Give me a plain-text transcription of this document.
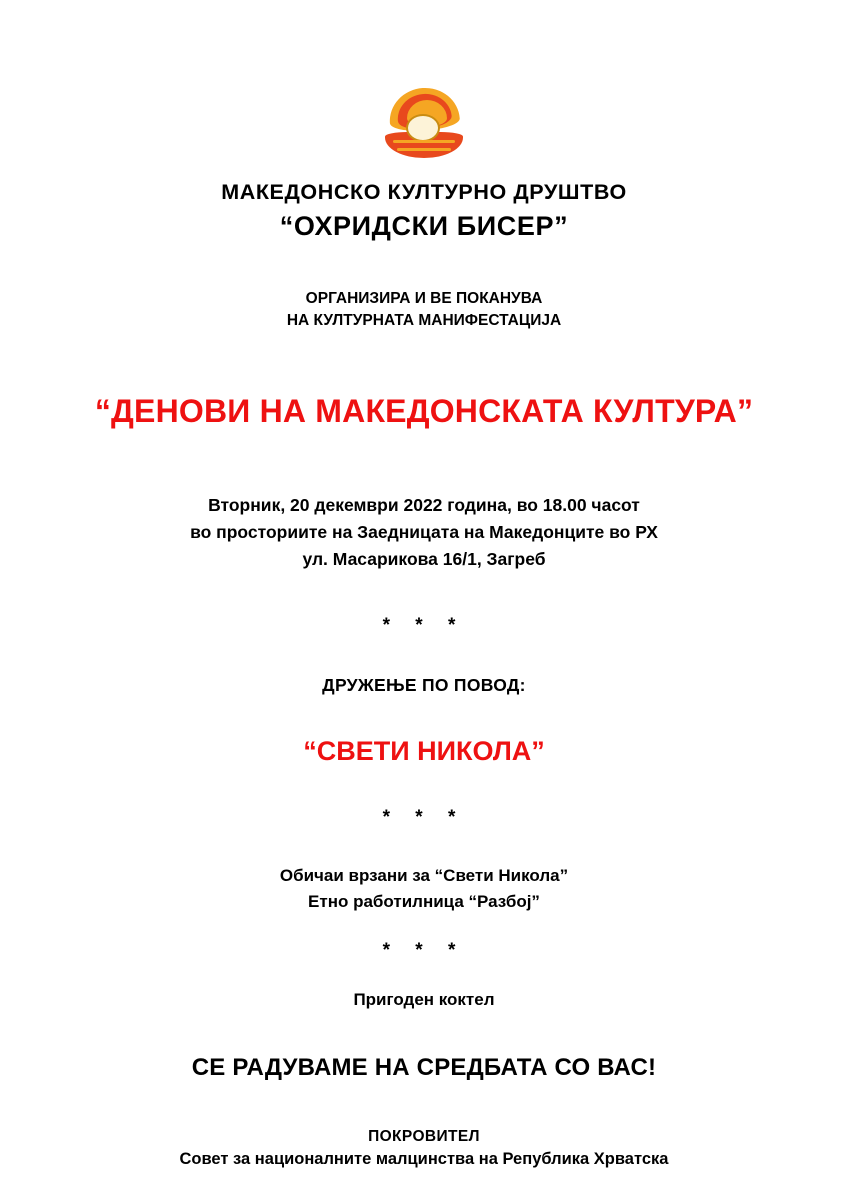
МАКЕДОНСКО КУЛТУРНО ДРУШТВО
“ОХРИДСКИ БИСЕР”
ОРГАНИЗИРА И ВЕ ПОКАНУВА
НА КУЛТУРНАТА МАНИФЕСТАЦИЈА
“ДЕНОВИ НА МАКЕДОНСКАТА КУЛТУРА”
Вторник, 20 декември 2022 година, во 18.00 часот
во просториите на Заедницата на Македонците во РХ
ул. Масарикова 16/1, Загреб
* * *
ДРУЖЕЊЕ ПО ПОВОД:
“СВЕТИ НИКОЛА”
* * *
Обичаи врзани за “Свети Никола”
Етно работилница “Разбој”
* * *
Пригоден коктел
СЕ РАДУВАМЕ НА СРЕДБАТА СО ВАС!
ПОКРОВИТЕЛ
Совет за националните малцинства на Република Хрватска
